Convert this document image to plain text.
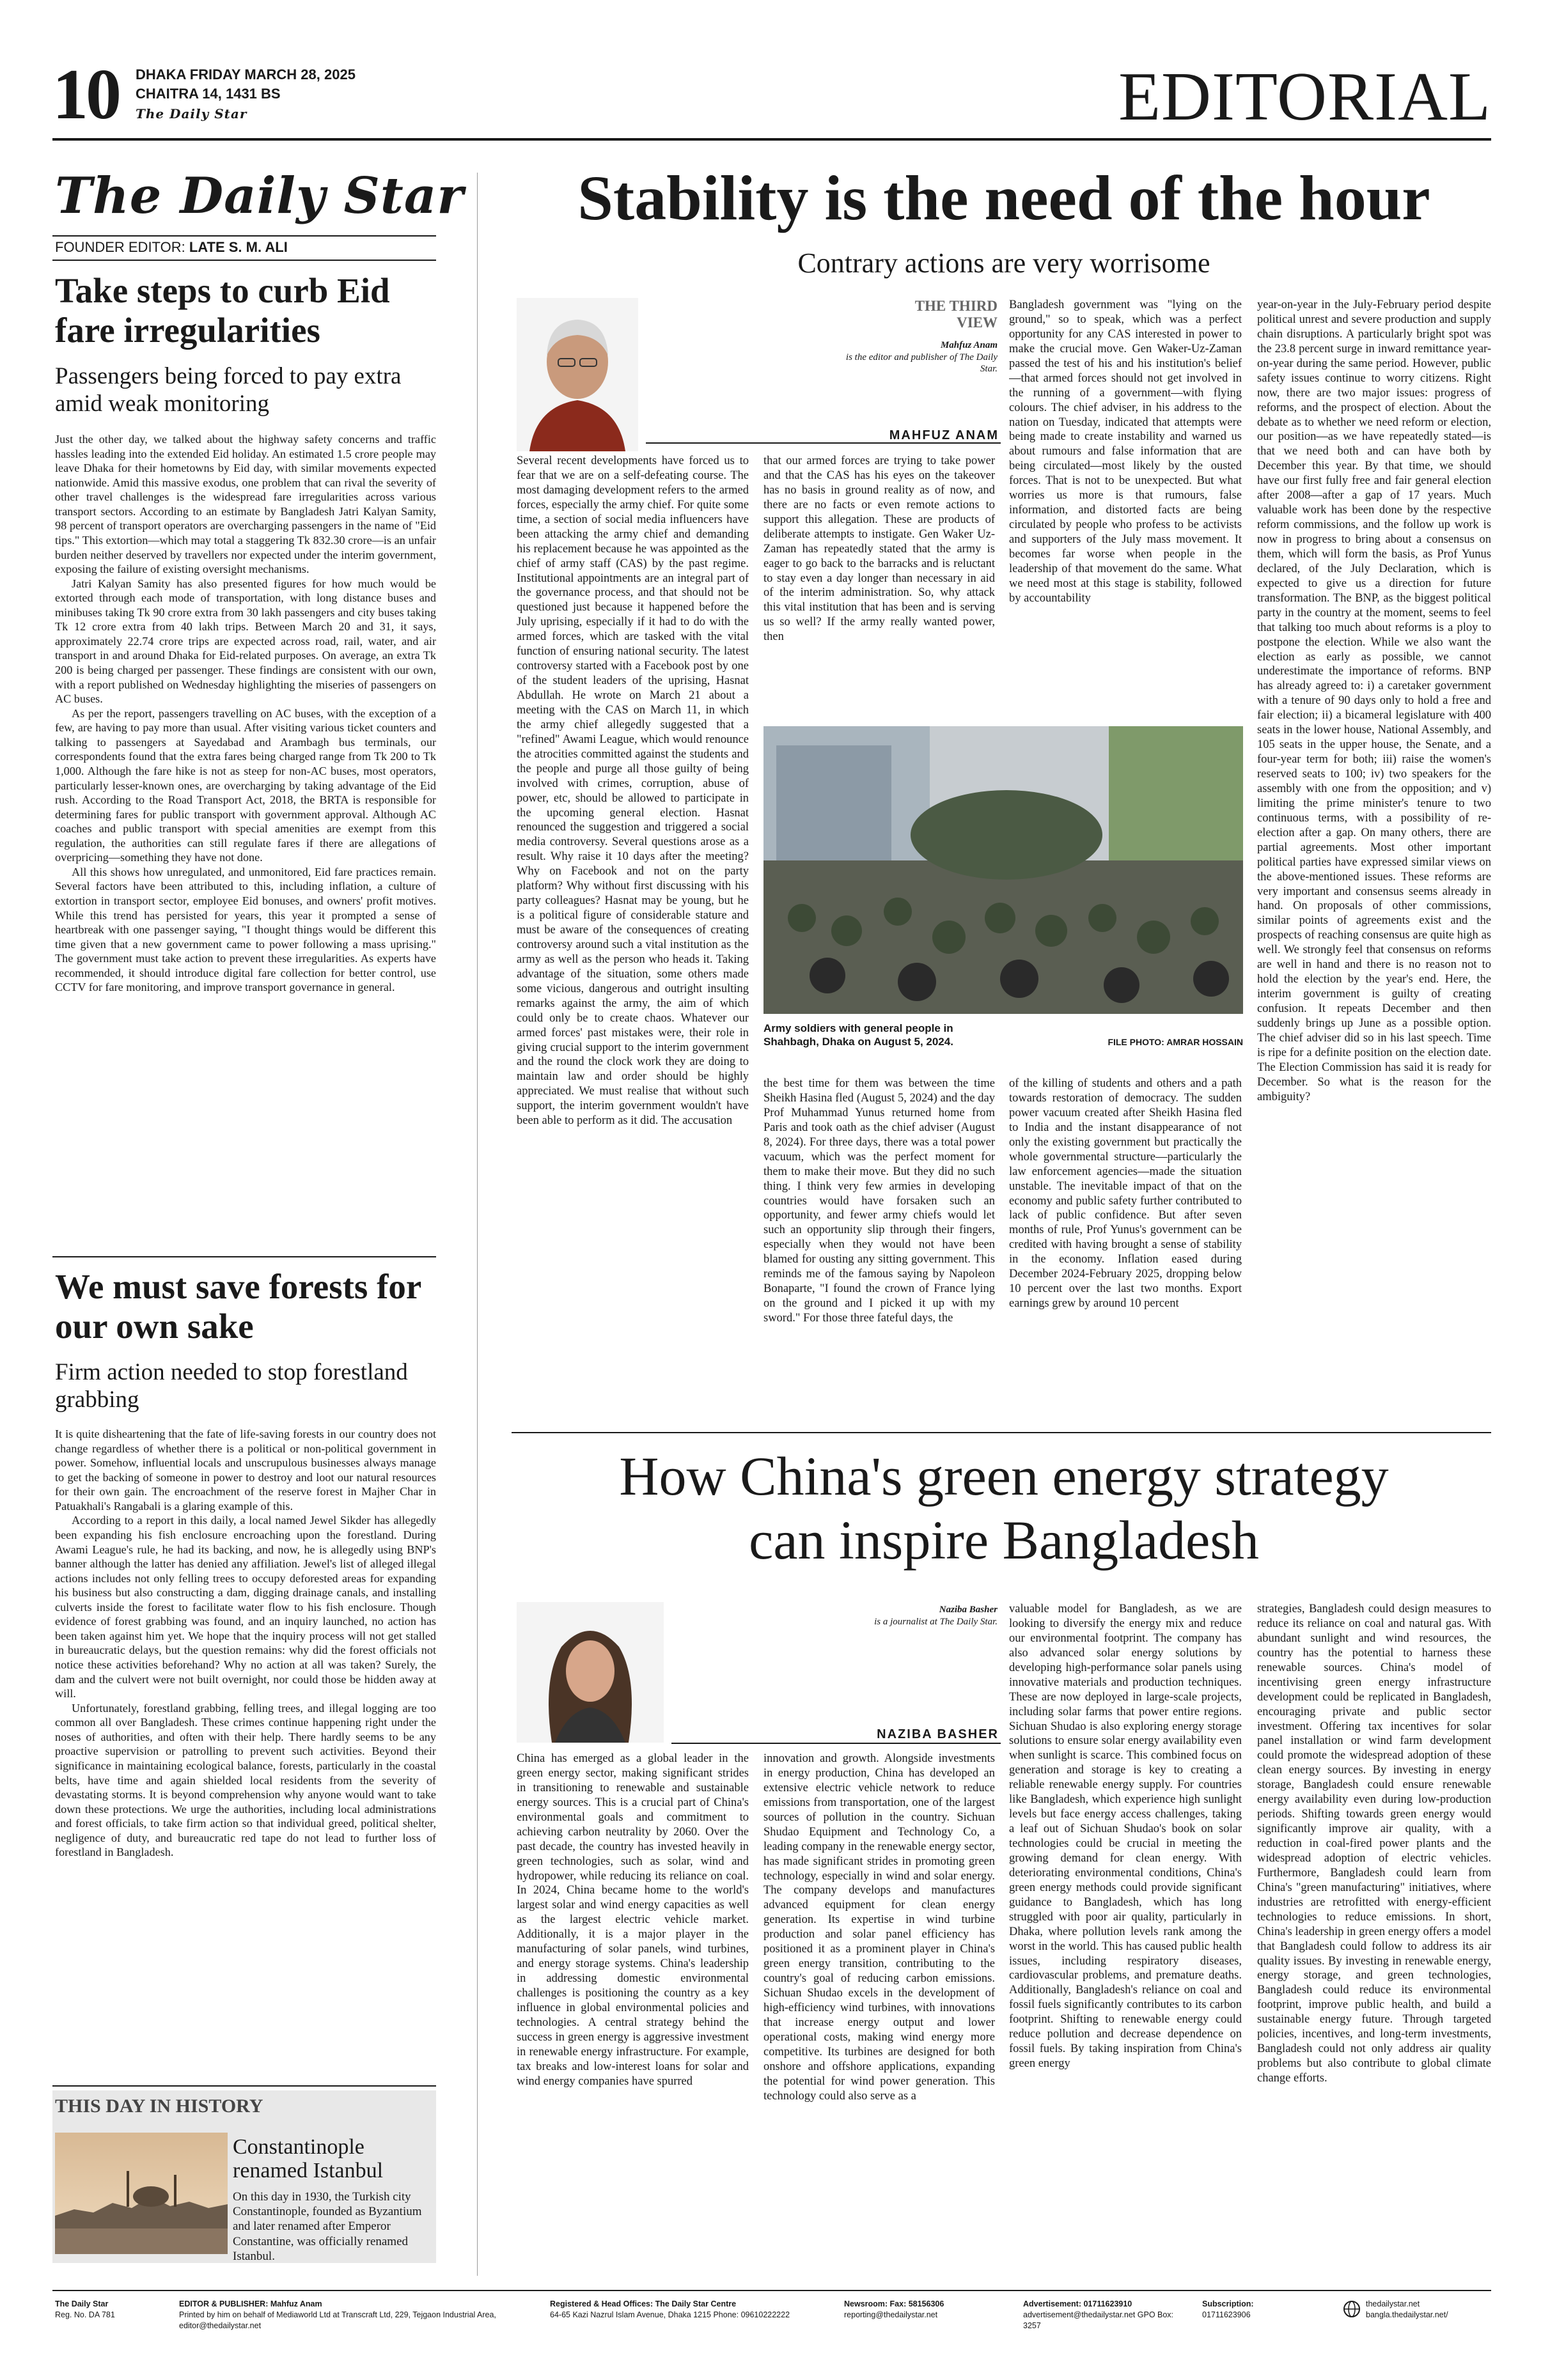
10 DHAKA FRIDAY MARCH 28, 2025
CHAITRA 14, 1431 BS
The Daily Star	EDITORIAL
The Daily Star
FOUNDER EDITOR: LATE S. M. ALI
Take steps to curb Eid fare irregularities
Passengers being forced to pay extra amid weak monitoring

Just the other day, we talked about the highway safety concerns and traffic hassles leading into the extended Eid holiday. An estimated 1.5 crore people may leave Dhaka for their hometowns by Eid day, with similar movements expected nationwide. Amid this massive exodus, one problem that can rival the severity of other travel challenges is the widespread fare irregularities across various transport sectors. According to an estimate by Bangladesh Jatri Kalyan Samity, 98 percent of transport operators are overcharging passengers in the name of "Eid tips." This extortion—which may total a staggering Tk 832.30 crore—is an unfair burden neither deserved by travellers nor expected under the interim government, exposing the failure of existing oversight mechanisms.

Jatri Kalyan Samity has also presented figures for how much would be extorted through each mode of transportation, with long distance buses and minibuses taking Tk 90 crore extra from 30 lakh passengers and city buses taking Tk 12 crore extra from 40 lakh trips. Between March 20 and 31, it says, approximately 22.74 crore trips are expected across road, rail, water, and air transport in and around Dhaka for Eid-related purposes. On average, an extra Tk 200 is being charged per passenger. These findings are consistent with our own, with a report published on Wednesday highlighting the miseries of passengers on AC buses.

As per the report, passengers travelling on AC buses, with the exception of a few, are having to pay more than usual. After visiting various ticket counters and talking to passengers at Sayedabad and Arambagh bus terminals, our correspondents found that the extra fares being charged range from Tk 200 to Tk 1,000. Although the fare hike is not as steep for non-AC buses, most operators, particularly lesser-known ones, are overcharging by taking advantage of the Eid rush. According to the Road Transport Act, 2018, the BRTA is responsible for determining fares for public transport with government approval. Although AC coaches and public transport with special amenities are exempt from this regulation, the authorities can still regulate fares if there are allegations of overpricing—something they have not done.

All this shows how unregulated, and unmonitored, Eid fare practices remain. Several factors have been attributed to this, including inflation, a culture of extortion in transport sector, employee Eid bonuses, and owners' profit motives. While this trend has persisted for years, this year it prompted a sense of heartbreak with one passenger saying, "I thought things would be different this time given that a new government came to power following a mass uprising." The government must take action to prevent these irregularities. As experts have recommended, it should introduce digital fare collection for better control, use CCTV for fare monitoring, and improve transport governance in general.

We must save forests for our own sake
Firm action needed to stop forestland grabbing

It is quite disheartening that the fate of life-saving forests in our country does not change regardless of whether there is a political or non-political government in power. Somehow, influential locals and unscrupulous businesses always manage to get the backing of someone in power to destroy and loot our natural resources for their own gain. The encroachment of the reserve forest in Majher Char in Patuakhali's Rangabali is a glaring example of this.

According to a report in this daily, a local named Jewel Sikder has allegedly been expanding his fish enclosure encroaching upon the forestland. During Awami League's rule, he had its backing, and now, he is allegedly using BNP's banner although the latter has denied any affiliation. Jewel's list of alleged illegal actions includes not only felling trees to occupy deforested areas for expanding his business but also constructing a dam, digging drainage canals, and installing culverts inside the forest to facilitate water flow to his fish enclosure. Though evidence of forest grabbing was found, and an inquiry launched, no action has been taken against him yet. We hope that the inquiry process will not get stalled in bureaucratic delays, but the question remains: why did the forest officials not notice these activities beforehand? Why no action at all was taken? Surely, the dam and the culvert were not built overnight, nor could those be hidden away at will.

Unfortunately, forestland grabbing, felling trees, and illegal logging are too common all over Bangladesh. These crimes continue happening right under the noses of authorities, and often with their help. There hardly seems to be any proactive supervision or patrolling to prevent such activities. Beyond their significance in maintaining ecological balance, forests, particularly in the coastal belts, have time and again shielded local residents from the severity of devastating storms. It is beyond comprehension why anyone would want to take down these protections. We urge the authorities, including local administrations and forest officials, to take firm action so that individual greed, political shelter, negligence of duty, and bureaucratic red tape do not lead to further loss of forestland in Bangladesh.

THIS DAY IN HISTORY
Constantinople renamed Istanbul
On this day in 1930, the Turkish city Constantinople, founded as Byzantium and later renamed after Emperor Constantine, was officially renamed Istanbul.
Stability is the need of the hour
Contrary actions are very worrisome
THE THIRD VIEW
Mahfuz Anam
is the editor and publisher of The Daily Star.
MAHFUZ ANAM
Several recent developments have forced us to fear that we are on a self-defeating course. The most damaging development refers to the armed forces, especially the army chief. For quite some time, a section of social media influencers have been attacking the army chief and demanding his replacement because he was appointed as the chief of army staff (CAS) by the past regime. Institutional appointments are an integral part of the governance process, and that should not be questioned just because it happened before the July uprising, especially if it had to do with the armed forces, which are tasked with the vital function of ensuring national security. The latest controversy started with a Facebook post by one of the student leaders of the uprising, Hasnat Abdullah. He wrote on March 21 about a meeting with the CAS on March 11, in which the army chief allegedly suggested that a "refined" Awami League, which would renounce the atrocities committed against the students and the people and purge all those guilty of being involved with crimes, corruption, abuse of power, etc, should be allowed to participate in the upcoming general election. Hasnat renounced the suggestion and triggered a social media controversy. Several questions arose as a result. Why raise it 10 days after the meeting? Why on Facebook and not on the party platform? Why without first discussing with his party colleagues? Hasnat may be young, but he is a political figure of considerable stature and must be aware of the consequences of creating controversy around such a vital institution as the army as well as the person who heads it. Taking advantage of the situation, some others made some vicious, dangerous and outright insulting remarks against the army, the aim of which could only be to create chaos. Whatever our armed forces' past mistakes were, their role in giving crucial support to the interim government and the round the clock work they are doing to maintain law and order should be highly appreciated. We must realise that without such support, the interim government wouldn't have been able to perform as it did. The accusation
that our armed forces are trying to take power and that the CAS has his eyes on the takeover has no basis in ground reality as of now, and there are no facts or even remote actions to support this allegation. These are products of deliberate attempts to instigate. Gen Waker Uz-Zaman has repeatedly stated that the army is eager to go back to the barracks and is reluctant to stay even a day longer than necessary in aid of the interim administration. So, why attack this vital institution that has been and is serving us so well? If the army really wanted power, then
Bangladesh government was "lying on the ground," so to speak, which was a perfect opportunity for any CAS interested in power to make the crucial move. Gen Waker-Uz-Zaman passed the test of his and his institution's belief—that armed forces should not get involved in the running of a government—with flying colours. The chief adviser, in his address to the nation on Tuesday, indicated that attempts were being made to create instability and warned us about rumours and false information that are being circulated—most likely by the ousted forces. That is not to be unexpected. But what worries us more is that rumours, false information, and distorted facts are being circulated by people who profess to be activists and supporters of the July mass movement. It becomes far worse when people in the leadership of that movement do the same. What we need most at this stage is stability, followed by accountability
Army soldiers with general people in Shahbagh, Dhaka on August 5, 2024.	FILE PHOTO: AMRAR HOSSAIN
the best time for them was between the time Sheikh Hasina fled (August 5, 2024) and the day Prof Muhammad Yunus returned home from Paris and took oath as the chief adviser (August 8, 2024). For three days, there was a total power vacuum, which was the perfect moment for them to make their move. But they did no such thing. I think very few armies in developing countries would have forsaken such an opportunity, and fewer army chiefs would let such an opportunity slip through their fingers, especially when they would not have been blamed for ousting any sitting government. This reminds me of the famous saying by Napoleon Bonaparte, "I found the crown of France lying on the ground and I picked it up with my sword." For those three fateful days, the
of the killing of students and others and a path towards restoration of democracy. The sudden power vacuum created after Sheikh Hasina fled to India and the instant disappearance of not only the existing government but practically the whole governmental structure—particularly the law enforcement agencies—made the situation unstable. The inevitable impact of that on the economy and public safety further contributed to lack of public confidence. But after seven months of rule, Prof Yunus's government can be credited with having brought a sense of stability in the economy. Inflation eased during December 2024-February 2025, dropping below 10 percent over the last two months. Export earnings grew by around 10 percent
year-on-year in the July-February period despite political unrest and severe production and supply chain disruptions. A particularly bright spot was the 23.8 percent surge in inward remittance year-on-year during the same period. However, public safety issues continue to worry citizens. Right now, there are two major issues: progress of reforms, and the prospect of election. About the debate as to whether we need reform or election, our position—as we have repeatedly stated—is that we need both and can have both by December this year. By that time, we should have our first fully free and fair general election after 2008—after a gap of 17 years. Much valuable work has been done by the respective reform commissions, and the follow up work is now in progress to bring about a consensus on them, which will form the basis, as Prof Yunus declared, of the July Declaration, which is expected to give us a direction for future transformation. The BNP, as the biggest political party in the country at the moment, seems to feel that talking too much about reforms is a ploy to postpone the election. While we also want the election as early as possible, we cannot underestimate the importance of reforms. BNP has already agreed to: i) a caretaker government with a tenure of 90 days only to hold a free and fair election; ii) a bicameral legislature with 400 seats in the lower house, National Assembly, and 105 seats in the upper house, the Senate, and a four-year term for both; iii) raise the women's reserved seats to 100; iv) two speakers for the assembly with one from the opposition; and v) limiting the prime minister's tenure to two continuous terms, with a possibility of re-election after a gap. On many others, there are partial agreements. Most other important political parties have expressed similar views on the above-mentioned issues. These reforms are very important and consensus seems already in hand. On proposals of other commissions, similar points of agreements exist and the prospects of reaching consensus are quite high as well. We strongly feel that consensus on reforms are well in hand and there is no reason not to hold the election by the year's end. Here, the interim government is guilty of creating confusion. It repeats December and then suddenly brings up June as a possible option. The chief adviser did so in his last speech. Time is ripe for a definite position on the election date. The Election Commission has said it is ready for December. So what is the reason for the ambiguity?
How China's green energy strategy
can inspire Bangladesh
Naziba Basher
is a journalist at The Daily Star.
NAZIBA BASHER
China has emerged as a global leader in the green energy sector, making significant strides in transitioning to renewable and sustainable energy sources. This is a crucial part of China's environmental goals and commitment to achieving carbon neutrality by 2060. Over the past decade, the country has invested heavily in green technologies, such as solar, wind and hydropower, while reducing its reliance on coal. In 2024, China became home to the world's largest solar and wind energy capacities as well as the largest electric vehicle market. Additionally, it is a major player in the manufacturing of solar panels, wind turbines, and energy storage systems. China's leadership in addressing domestic environmental challenges is positioning the country as a key influence in global environmental policies and technologies. A central strategy behind the success in green energy is aggressive investment in renewable energy infrastructure. For example, tax breaks and low-interest loans for solar and wind energy companies have spurred
innovation and growth. Alongside investments in energy production, China has developed an extensive electric vehicle network to reduce emissions from transportation, one of the largest sources of pollution in the country. Sichuan Shudao Equipment and Technology Co, a leading company in the renewable energy sector, has made significant strides in promoting green technology, especially in wind and solar energy. The company develops and manufactures advanced equipment for clean energy generation. Its expertise in wind turbine production and solar panel efficiency has positioned it as a prominent player in China's green energy transition, contributing to the country's goal of reducing carbon emissions. Sichuan Shudao excels in the development of high-efficiency wind turbines, with innovations that increase energy output and lower operational costs, making wind energy more competitive. Its turbines are designed for both onshore and offshore applications, expanding the potential for wind power generation. This technology could also serve as a
valuable model for Bangladesh, as we are looking to diversify the energy mix and reduce our environmental footprint. The company has also advanced solar energy solutions by developing high-performance solar panels using innovative materials and production techniques. These are now deployed in large-scale projects, including solar farms that power entire regions. Sichuan Shudao is also exploring energy storage solutions to ensure solar energy availability even when sunlight is scarce. This combined focus on generation and storage is key to creating a reliable renewable energy supply. For countries like Bangladesh, which experience high sunlight levels but face energy access challenges, taking a leaf out of Sichuan Shudao's book on solar technologies could be crucial in meeting the growing demand for clean energy. With deteriorating environmental conditions, China's green energy methods could provide significant guidance to Bangladesh, which has long struggled with poor air quality, particularly in Dhaka, where pollution levels rank among the worst in the world. This has caused public health issues, including respiratory diseases, cardiovascular problems, and premature deaths. Additionally, Bangladesh's reliance on coal and fossil fuels significantly contributes to its carbon footprint. Shifting to renewable energy could reduce pollution and decrease dependence on fossil fuels. By taking inspiration from China's green energy
strategies, Bangladesh could design measures to reduce its reliance on coal and natural gas. With abundant sunlight and wind resources, the country has the potential to harness these renewable sources. China's model of incentivising green energy infrastructure development could be replicated in Bangladesh, encouraging private and public sector investment. Offering tax incentives for solar panel installation or wind farm development could promote the widespread adoption of these clean energy sources. By investing in energy storage, Bangladesh could ensure renewable energy availability even during low-production periods. Shifting towards green energy would significantly improve air quality, with a reduction in coal-fired power plants and the widespread adoption of electric vehicles. Furthermore, Bangladesh could learn from China's "green manufacturing" initiatives, where industries are retrofitted with energy-efficient technologies to reduce emissions. In short, China's leadership in green energy offers a model that Bangladesh could follow to address its air quality issues. By investing in renewable energy, energy storage, and green technologies, Bangladesh could reduce its environmental footprint, improve public health, and build a sustainable energy future. Through targeted policies, incentives, and long-term investments, Bangladesh could not only address air quality problems but also contribute to global climate change efforts.
The Daily Star
Reg. No. DA 781
EDITOR & PUBLISHER: Mahfuz Anam
Printed by him on behalf of Mediaworld Ltd at Transcraft Ltd, 229, Tejgaon Industrial Area, editor@thedailystar.net
Registered & Head Offices: The Daily Star Centre
64-65 Kazi Nazrul Islam Avenue, Dhaka 1215 Phone: 09610222222
Newsroom: Fax: 58156306
reporting@thedailystar.net
Advertisement: 01711623910
advertisement@thedailystar.net GPO Box: 3257
Subscription:
01711623906
thedailystar.net
bangla.thedailystar.net/
